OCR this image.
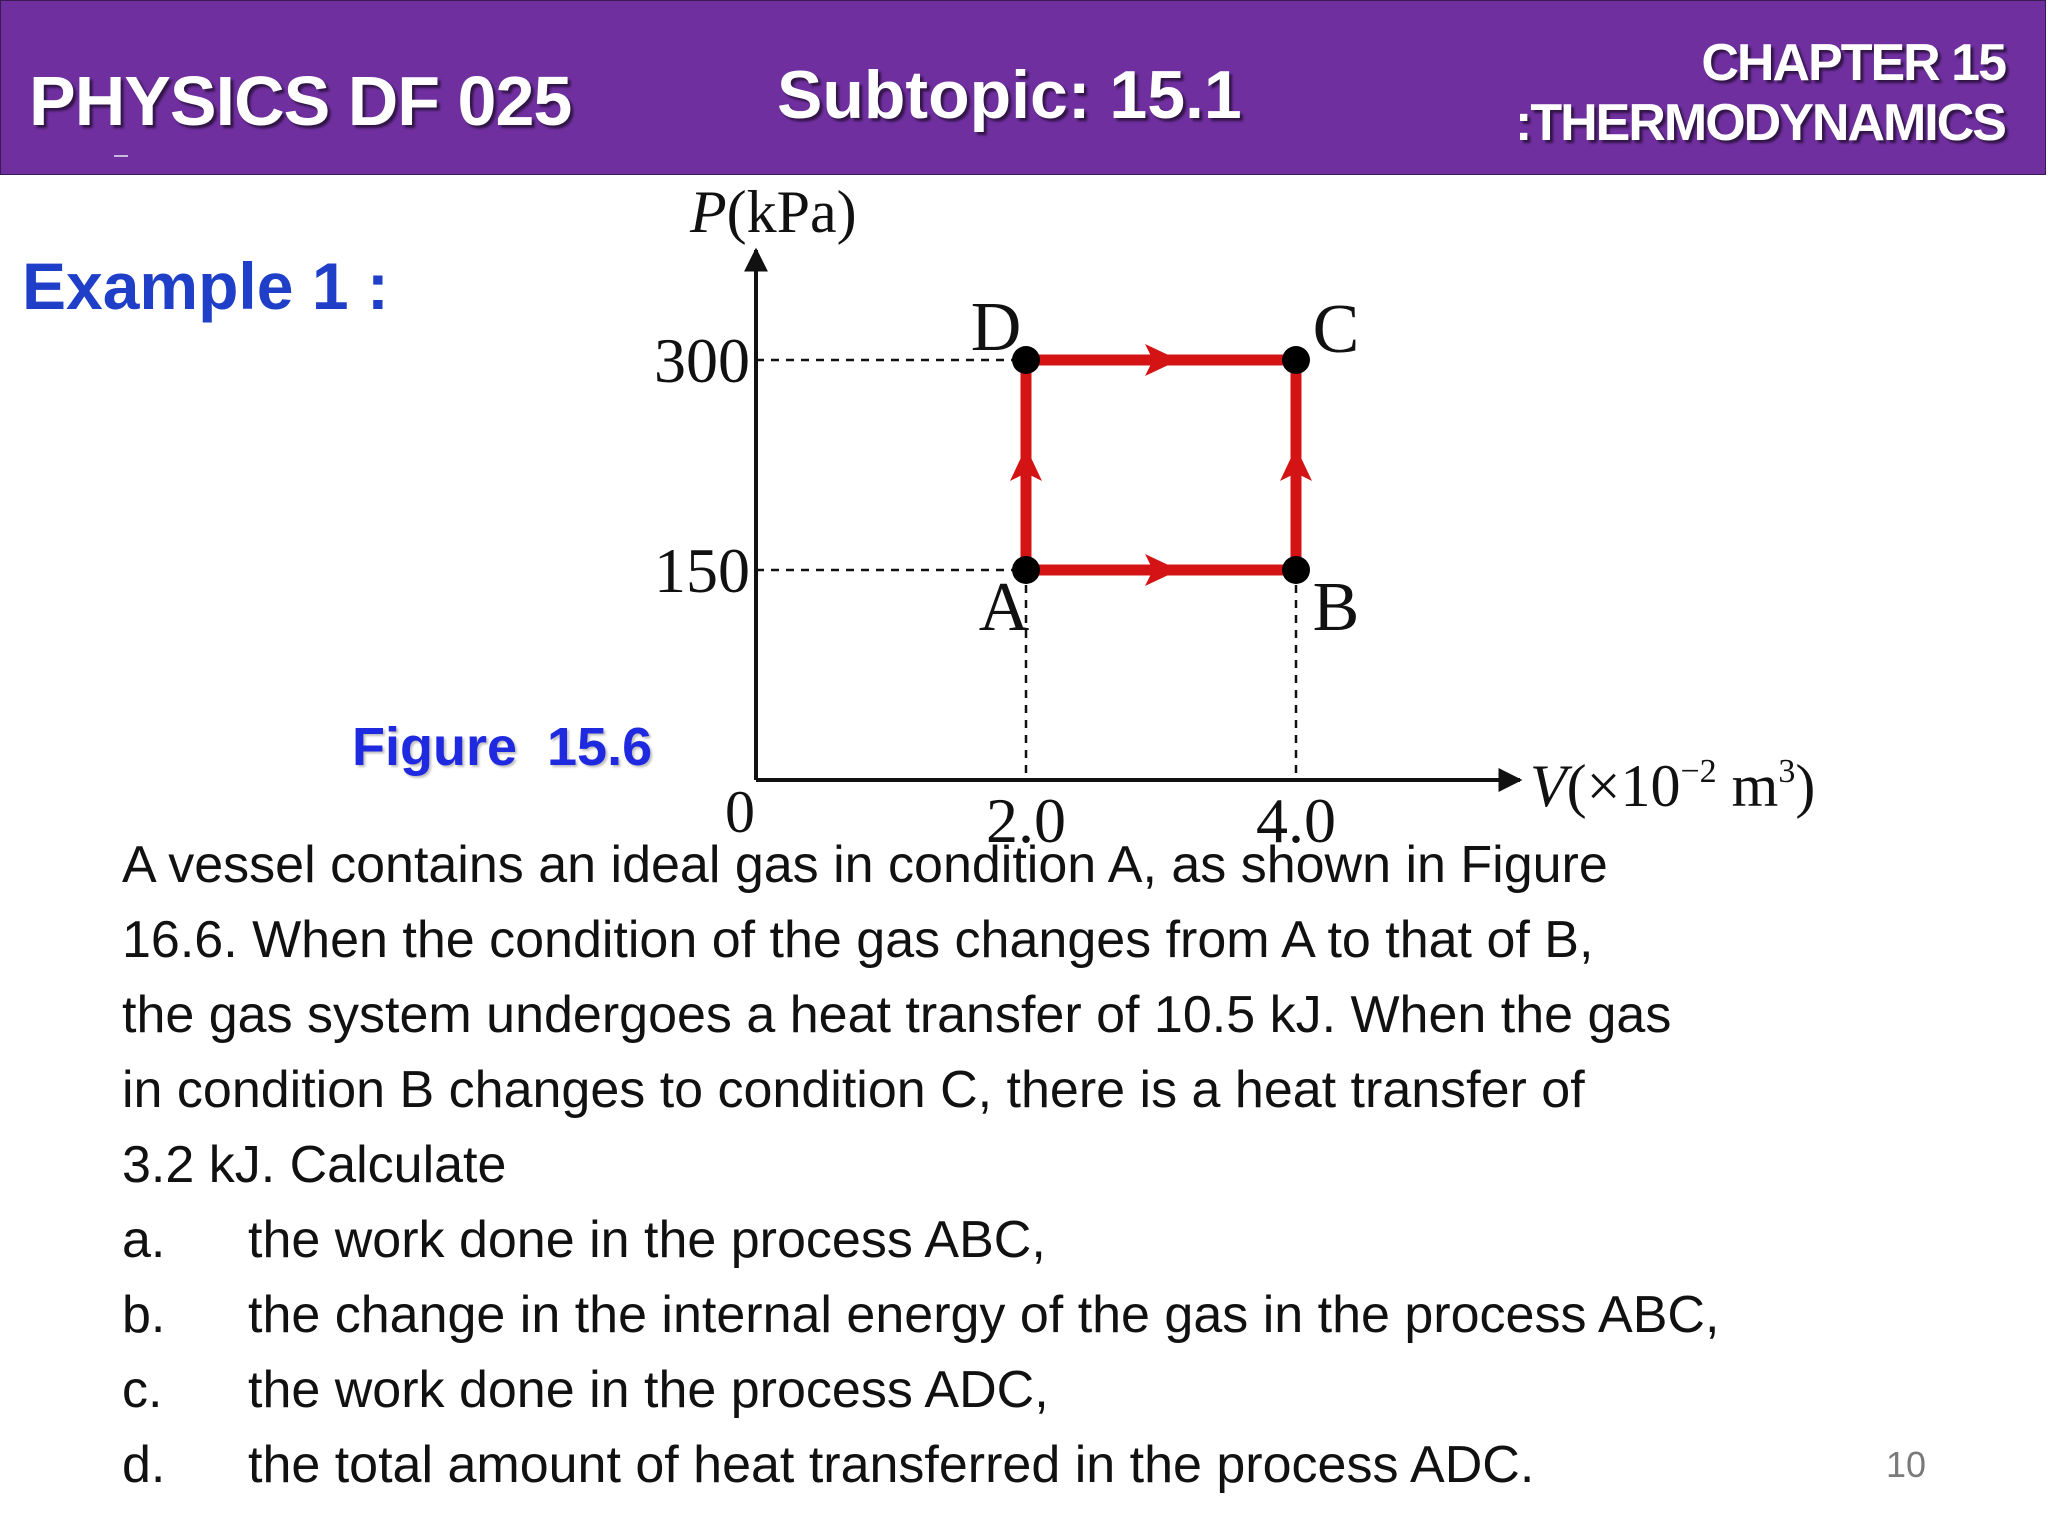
PHYSICS DF 025	Subtopic: 15.1	CHAPTER 15
:THERMODYNAMICS
Example 1 :
Figure  15.6
P(kPa)
$V(\times 10^{-2}$ $m^3$)
0	2.0	4.0
150
300
A	B
C
D

A vessel contains an ideal gas in condition A, as shown in Figure

16.6. When the condition of the gas changes from A to that of B,

the gas system undergoes a heat transfer of 10.5 kJ. When the gas

in condition B changes to condition C, there is a heat transfer of

3.2 kJ. Calculate

a. the work done in the process ABC,
b. the change in the internal energy of the gas in the process ABC,
c. the work done in the process ADC,
d. the total amount of heat transferred in the process ADC.	10
